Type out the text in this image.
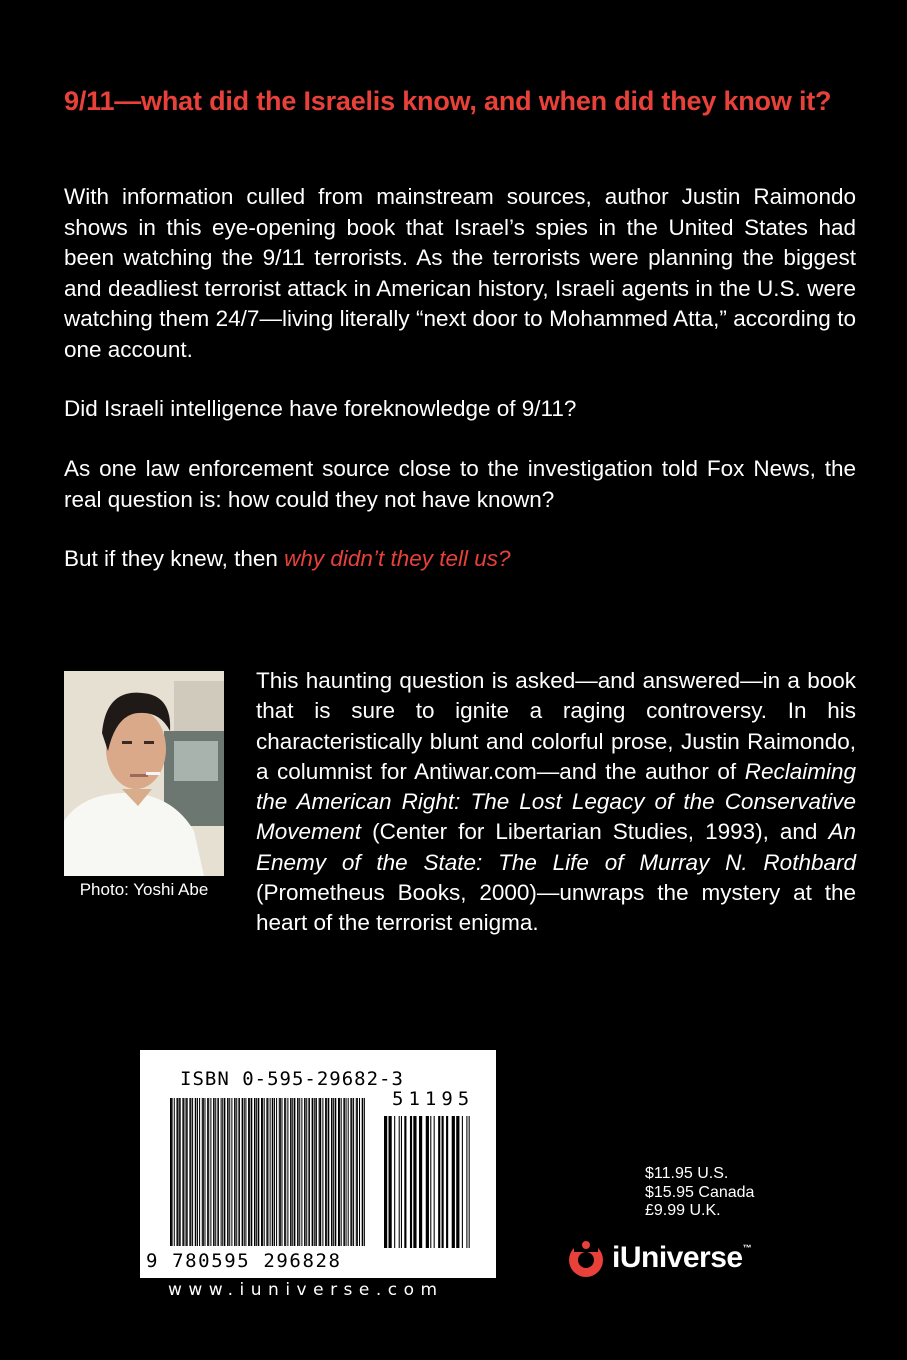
9/11—what did the Israelis know, and when did they know it?

With information culled from mainstream sources, author Justin Raimondo shows in this eye-opening book that Israel’s spies in the United States had been watching the 9/11 terrorists. As the terrorists were planning the biggest and deadliest terrorist attack in American history, Israeli agents in the U.S. were watching them 24/7—living literally “next door to Mohammed Atta,” according to one account.

Did Israeli intelligence have foreknowledge of 9/11?

As one law enforcement source close to the investigation told Fox News, the real question is: how could they not have known?

But if they knew, then why didn’t they tell us?

Photo: Yoshi Abe

This haunting question is asked—and answered—in a book that is sure to ignite a raging controversy. In his characteristically blunt and colorful prose, Justin Raimondo, a columnist for Antiwar.com—and the author of Reclaiming the American Right: The Lost Legacy of the Conservative Movement (Center for Libertarian Studies, 1993), and An Enemy of the State: The Life of Murray N. Rothbard (Prometheus Books, 2000)—unwraps the mystery at the heart of the terrorist enigma.

ISBN 0-595-29682-3
51195
9 780595 296828
www.iuniverse.com
$11.95 U.S.
$15.95 Canada
£9.99 U.K.
iUniverse™
